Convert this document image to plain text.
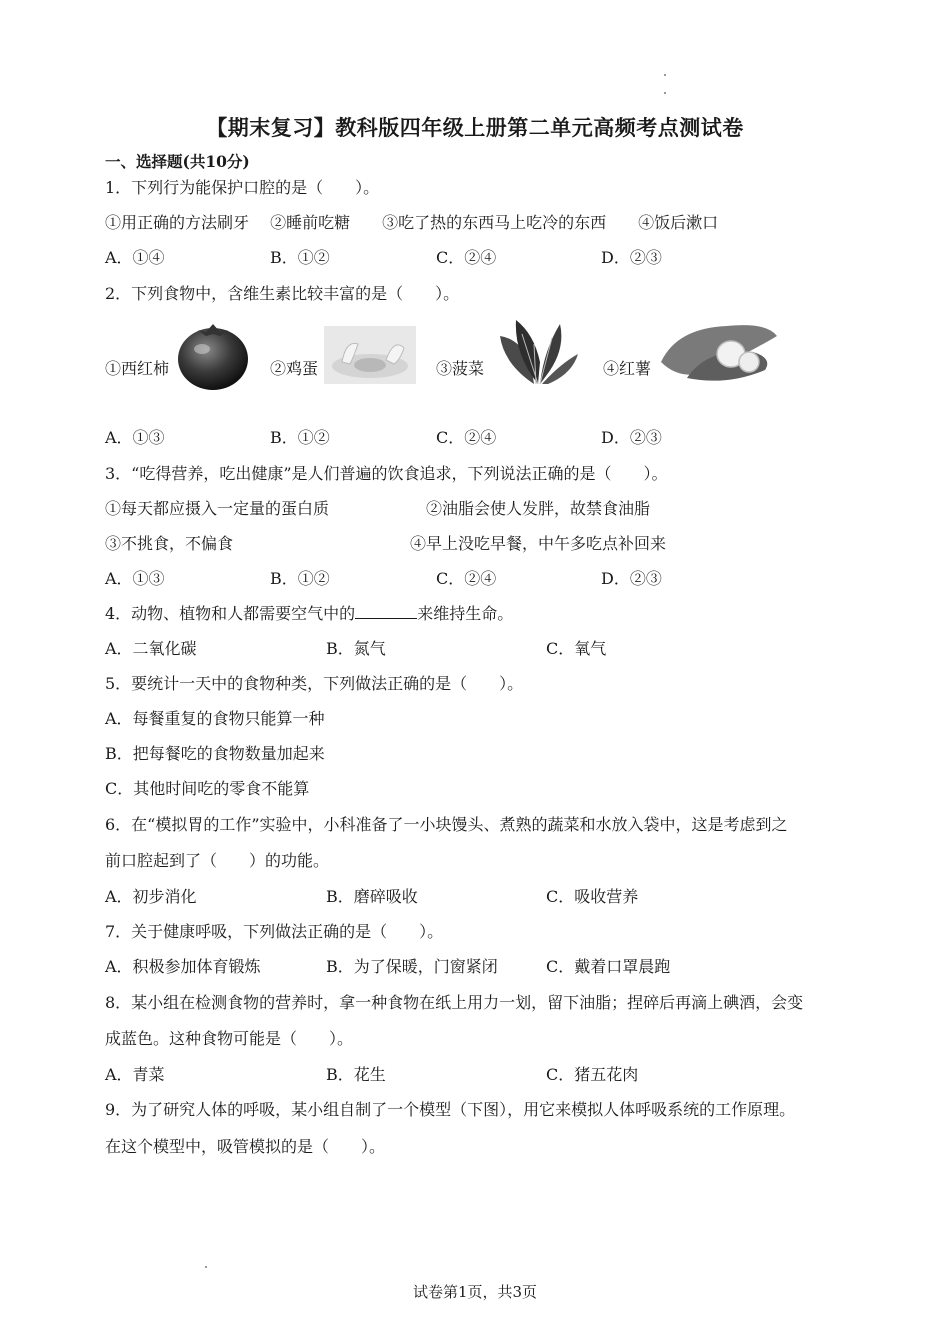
【期末复习】教科版四年级上册第二单元高频考点测试卷
一、选择题(共10分)
1．下列行为能保护口腔的是（　　）。
①用正确的方法刷牙　 ②睡前吃糖　　③吃了热的东西马上吃冷的东西　　④饭后漱口
A．①④	B．①②	C．②④	D．②③
2．下列食物中，含维生素比较丰富的是（　　）。
①西红柿	②鸡蛋	③菠菜	④红薯
A．①③	B．①②	C．②④	D．②③
3．“吃得营养，吃出健康”是人们普遍的饮食追求，下列说法正确的是（　　）。
①每天都应摄入一定量的蛋白质	②油脂会使人发胖，故禁食油脂
③不挑食，不偏食	④早上没吃早餐，中午多吃点补回来
A．①③	B．①②	C．②④	D．②③
4．动物、植物和人都需要空气中的	来维持生命。
A．二氧化碳	B．氮气	C．氧气
5．要统计一天中的食物种类，下列做法正确的是（　　）。
A．每餐重复的食物只能算一种
B．把每餐吃的食物数量加起来
C．其他时间吃的零食不能算
6．在“模拟胃的工作”实验中，小科准备了一小块馒头、煮熟的蔬菜和水放入袋中，这是考虑到之
前口腔起到了（　　）的功能。
A．初步消化	B．磨碎吸收	C．吸收营养
7．关于健康呼吸，下列做法正确的是（　　）。
A．积极参加体育锻炼	B．为了保暖，门窗紧闭	C．戴着口罩晨跑
8．某小组在检测食物的营养时，拿一种食物在纸上用力一划，留下油脂；捏碎后再滴上碘酒，会变
成蓝色。这种食物可能是（　　）。
A．青菜	B．花生	C．猪五花肉
9．为了研究人体的呼吸，某小组自制了一个模型（下图），用它来模拟人体呼吸系统的工作原理。
在这个模型中，吸管模拟的是（　　）。
试卷第1页，共3页
